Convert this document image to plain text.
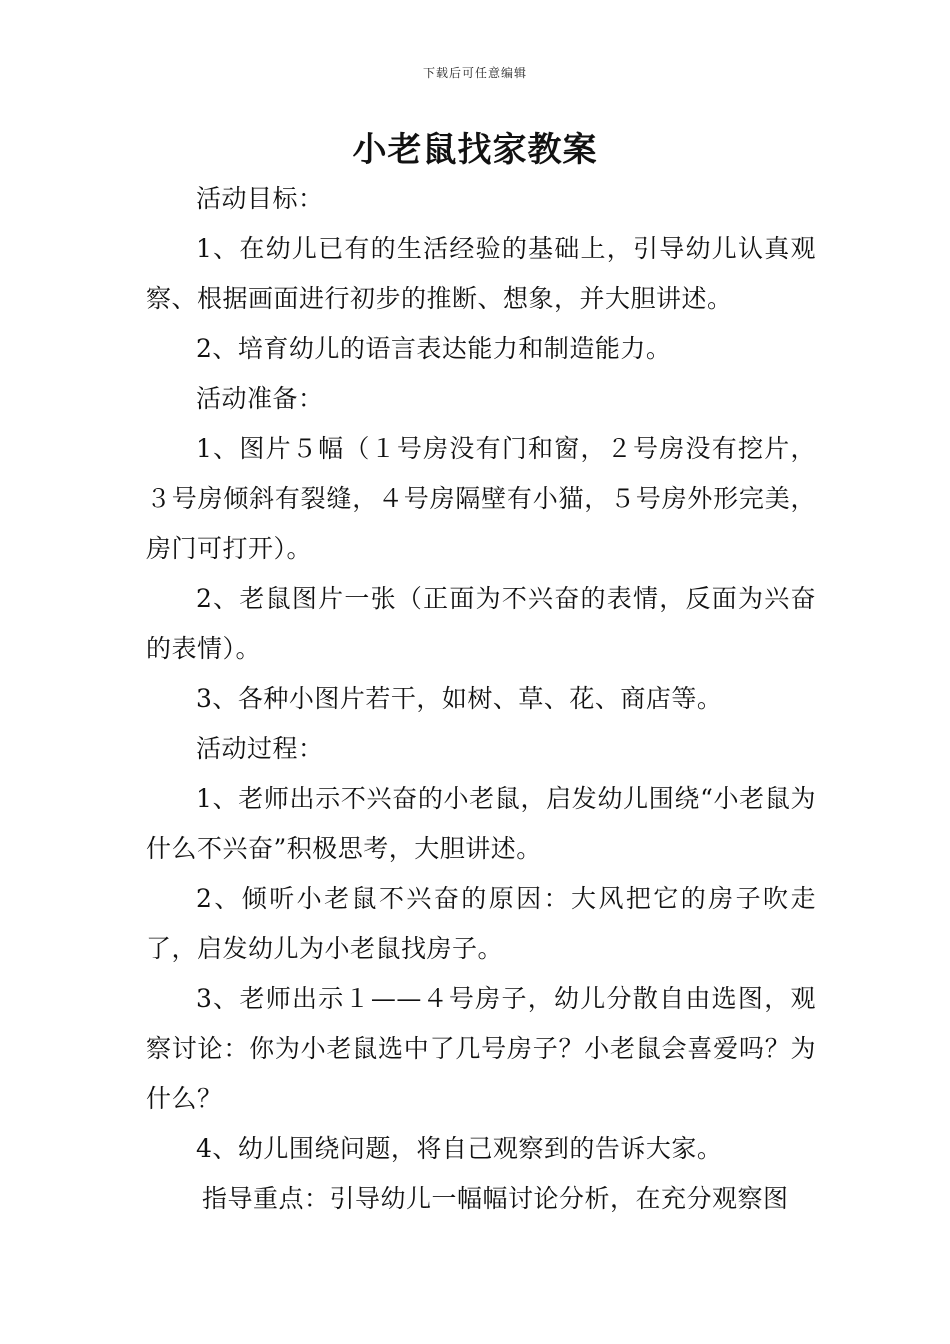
下载后可任意编辑
小老鼠找家教案

活动目标：

1、在幼儿已有的生活经验的基础上，引导幼儿认真观察、根据画面进行初步的推断、想象，并大胆讲述。

2、培育幼儿的语言表达能力和制造能力。

活动准备：

1、图片５幅（１号房没有门和窗，２号房没有挖片，３号房倾斜有裂缝，４号房隔壁有小猫，５号房外形完美，房门可打开）。

2、老鼠图片一张（正面为不兴奋的表情，反面为兴奋的表情）。

3、各种小图片若干，如树、草、花、商店等。

活动过程：

1、老师出示不兴奋的小老鼠，启发幼儿围绕“小老鼠为什么不兴奋”积极思考，大胆讲述。

2、倾听小老鼠不兴奋的原因：大风把它的房子吹走了，启发幼儿为小老鼠找房子。

3、老师出示１——４号房子，幼儿分散自由选图，观察讨论：你为小老鼠选中了几号房子？小老鼠会喜爱吗？为什么？

4、幼儿围绕问题，将自己观察到的告诉大家。

指导重点：引导幼儿一幅幅讨论分析，在充分观察图
